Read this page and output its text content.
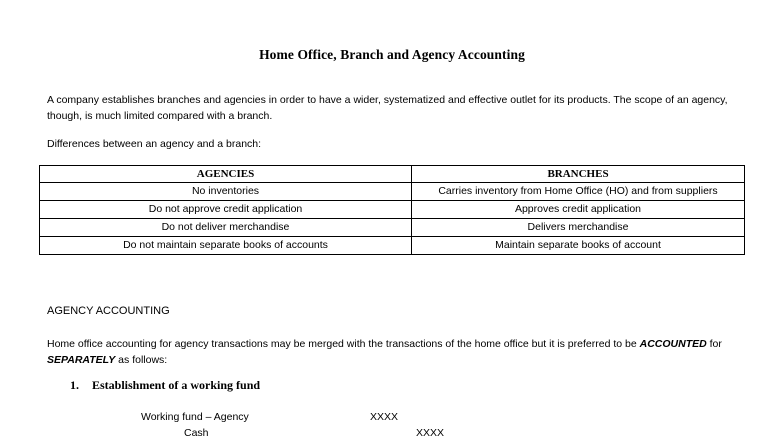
Home Office, Branch and Agency Accounting
A company establishes branches and agencies in order to have a wider, systematized and effective outlet for its products. The scope of an agency, though, is much limited compared with a branch.
Differences between an agency and a branch:
AGENCIES	BRANCHES
No inventories	Carries inventory from Home Office (HO) and from suppliers
Do not approve credit application	Approves credit application
Do not deliver merchandise	Delivers merchandise
Do not maintain separate books of accounts	Maintain separate books of account
AGENCY ACCOUNTING
Home office accounting for agency transactions may be merged with the transactions of the home office but it is preferred to be ACCOUNTED for SEPARATELY as follows:
1. Establishment of a working fund
Working fund – Agency	XXXX
Cash	XXXX
